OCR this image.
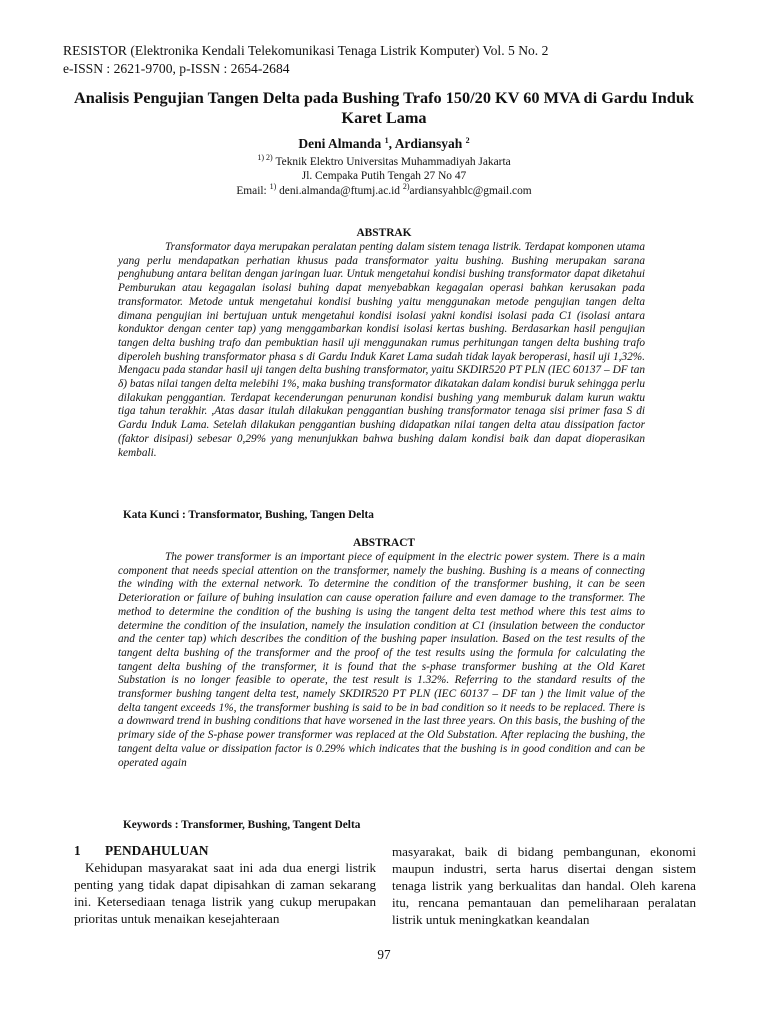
RESISTOR (Elektronika Kendali Telekomunikasi Tenaga Listrik Komputer) Vol. 5 No. 2
e-ISSN : 2621-9700, p-ISSN : 2654-2684
Analisis Pengujian Tangen Delta pada Bushing Trafo 150/20 KV 60 MVA di Gardu Induk Karet Lama
Deni Almanda $^1$, Ardiansyah $^2$
$^{1) 2)}$ Teknik Elektro Universitas Muhammadiyah Jakarta
Jl. Cempaka Putih Tengah 27 No 47
Email: $^{1)}$ deni.almanda@ftumj.ac.id $^{2)}$ardiansyahblc@gmail.com
ABSTRAK
Transformator daya merupakan peralatan penting dalam sistem tenaga listrik. Terdapat komponen utama yang perlu mendapatkan perhatian khusus pada transformator yaitu bushing. Bushing merupakan sarana penghubung antara belitan dengan jaringan luar. Untuk mengetahui kondisi bushing transformator dapat diketahui Pemburukan atau kegagalan isolasi buhing dapat menyebabkan kegagalan operasi bahkan kerusakan pada transformator. Metode untuk mengetahui kondisi bushing yaitu menggunakan metode pengujian tangen delta dimana pengujian ini bertujuan untuk mengetahui kondisi isolasi yakni kondisi isolasi pada C1 (isolasi antara konduktor dengan center tap) yang menggambarkan kondisi isolasi kertas bushing. Berdasarkan hasil pengujian tangen delta bushing trafo dan pembuktian hasil uji menggunakan rumus perhitungan tangen delta bushing trafo diperoleh bushing transformator phasa s di Gardu Induk Karet Lama sudah tidak layak beroperasi, hasil uji 1,32%. Mengacu pada standar hasil uji tangen delta bushing transformator, yaitu SKDIR520 PT PLN (IEC 60137 – DF tan δ) batas nilai tangen delta melebihi 1%, maka bushing transformator dikatakan dalam kondisi buruk sehingga perlu dilakukan penggantian. Terdapat kecenderungan penurunan kondisi bushing yang memburuk dalam kurun waktu tiga tahun terakhir. ,Atas dasar itulah dilakukan penggantian bushing transformator tenaga sisi primer fasa S di Gardu Induk Lama. Setelah dilakukan penggantian bushing didapatkan nilai tangen delta atau dissipation factor (faktor disipasi) sebesar 0,29% yang menunjukkan bahwa bushing dalam kondisi baik dan dapat dioperasikan kembali.
Kata Kunci : Transformator, Bushing, Tangen Delta
ABSTRACT
The power transformer is an important piece of equipment in the electric power system. There is a main component that needs special attention on the transformer, namely the bushing. Bushing is a means of connecting the winding with the external network. To determine the condition of the transformer bushing, it can be seen Deterioration or failure of buhing insulation can cause operation failure and even damage to the transformer. The method to determine the condition of the bushing is using the tangent delta test method where this test aims to determine the condition of the insulation, namely the insulation condition at C1 (insulation between the conductor and the center tap) which describes the condition of the bushing paper insulation. Based on the test results of the tangent delta bushing of the transformer and the proof of the test results using the formula for calculating the tangent delta bushing of the transformer, it is found that the s-phase transformer bushing at the Old Karet Substation is no longer feasible to operate, the test result is 1.32%. Referring to the standard results of the transformer bushing tangent delta test, namely SKDIR520 PT PLN (IEC 60137 – DF tan ) the limit value of the delta tangent exceeds 1%, the transformer bushing is said to be in bad condition so it needs to be replaced. There is a downward trend in bushing conditions that have worsened in the last three years. On this basis, the bushing of the primary side of the S-phase power transformer was replaced at the Old Substation. After replacing the bushing, the tangent delta value or dissipation factor is 0.29% which indicates that the bushing is in good condition and can be operated again
Keywords : Transformer, Bushing, Tangent Delta
1 PENDAHULUAN
Kehidupan masyarakat saat ini ada dua energi listrik penting yang tidak dapat dipisahkan di zaman sekarang ini. Ketersediaan tenaga listrik yang cukup merupakan prioritas untuk menaikan kesejahteraan
masyarakat, baik di bidang pembangunan, ekonomi maupun industri, serta harus disertai dengan sistem tenaga listrik yang berkualitas dan handal. Oleh karena itu, rencana pemantauan dan pemeliharaan peralatan listrik untuk meningkatkan keandalan
97
